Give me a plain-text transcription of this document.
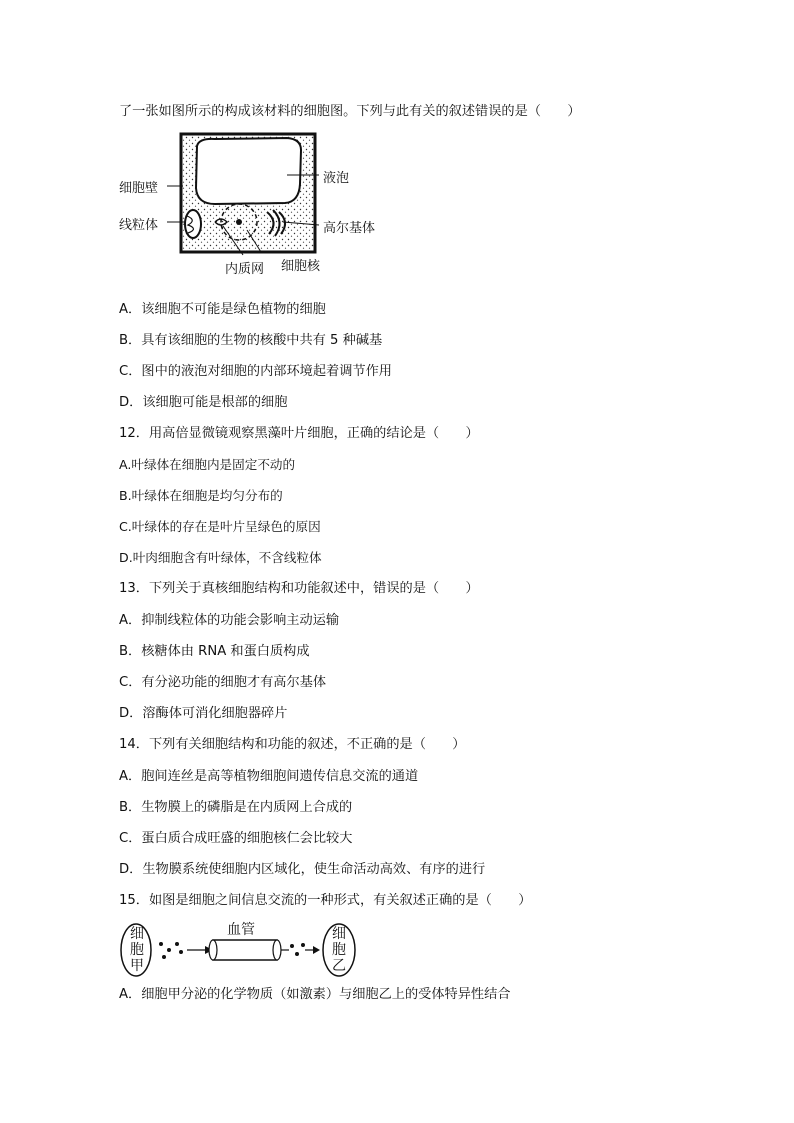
了一张如图所示的构成该材料的细胞图。下列与此有关的叙述错误的是（　　）
细胞壁
线粒体
液泡
高尔基体
内质网 细胞核
A．该细胞不可能是绿色植物的细胞
B．具有该细胞的生物的核酸中共有 5 种碱基
C．图中的液泡对细胞的内部环境起着调节作用
D．该细胞可能是根部的细胞
12．用高倍显微镜观察黑藻叶片细胞，正确的结论是（　　）
A.叶绿体在细胞内是固定不动的
B.叶绿体在细胞是均匀分布的
C.叶绿体的存在是叶片呈绿色的原因
D.叶肉细胞含有叶绿体，不含线粒体
13．下列关于真核细胞结构和功能叙述中，错误的是（　　）
A．抑制线粒体的功能会影响主动运输
B．核糖体由 RNA 和蛋白质构成
C．有分泌功能的细胞才有高尔基体
D．溶酶体可消化细胞器碎片
14．下列有关细胞结构和功能的叙述，不正确的是（　　）
A．胞间连丝是高等植物细胞间遗传信息交流的通道
B．生物膜上的磷脂是在内质网上合成的
C．蛋白质合成旺盛的细胞核仁会比较大
D．生物膜系统使细胞内区域化，使生命活动高效、有序的进行
15．如图是细胞之间信息交流的一种形式，有关叙述正确的是（　　）
细
胞
甲
细
胞
乙
血管
A．细胞甲分泌的化学物质（如激素）与细胞乙上的受体特异性结合
